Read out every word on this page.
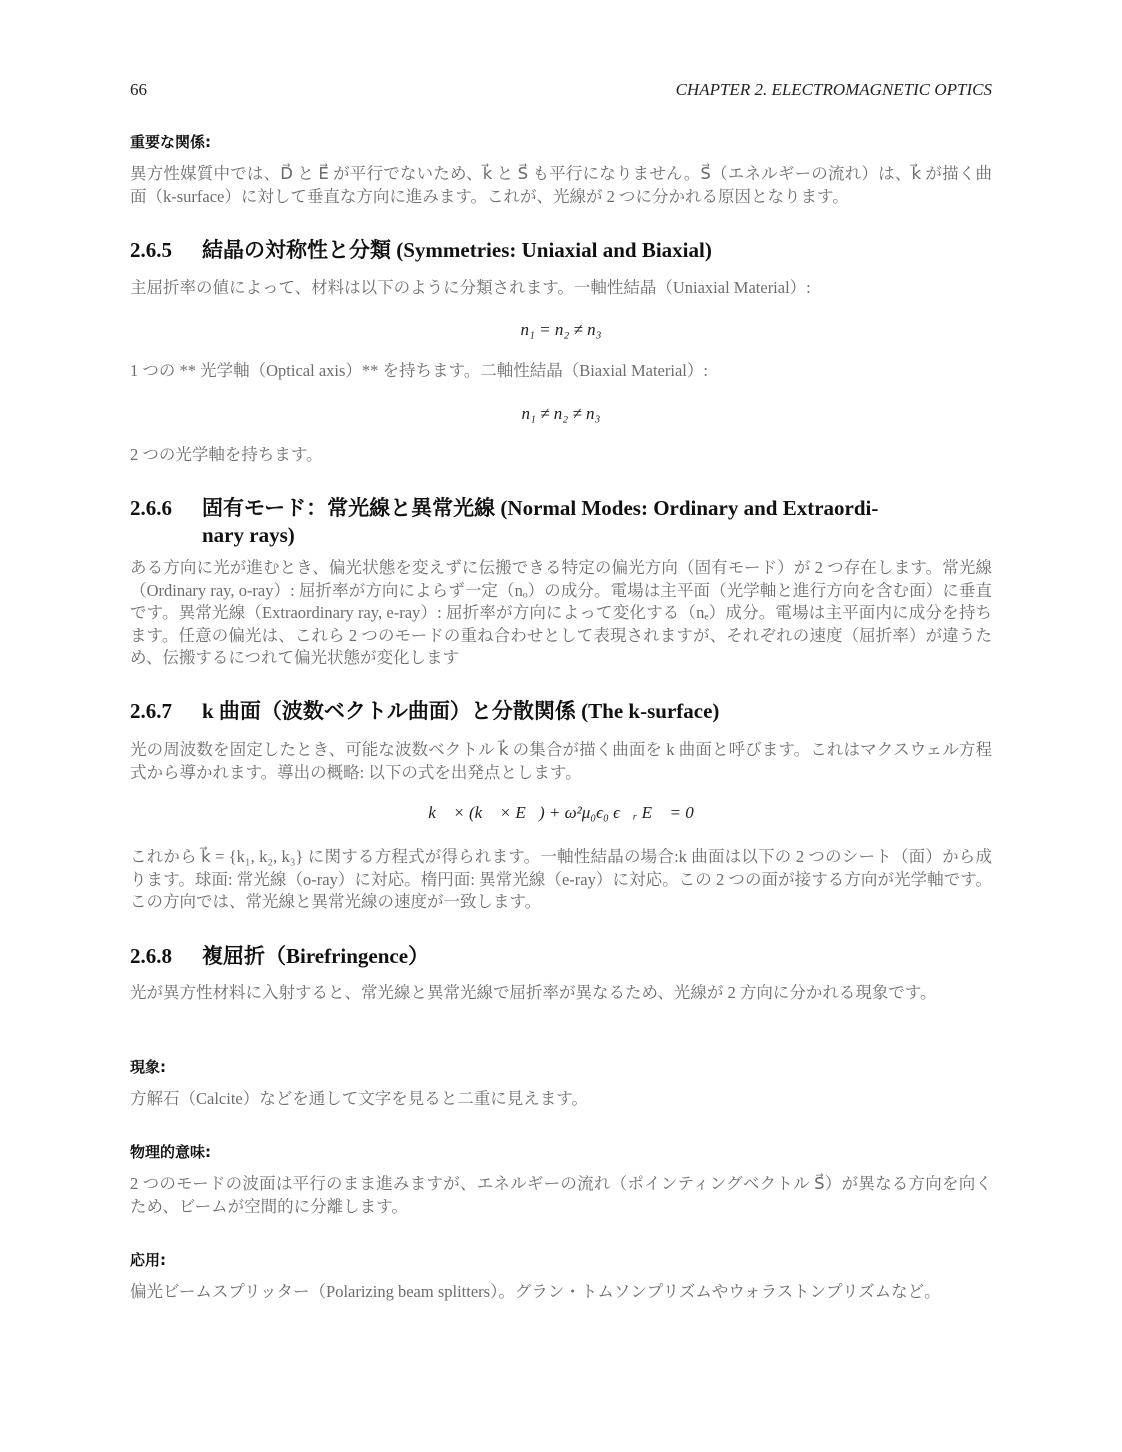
66	CHAPTER 2. ELECTROMAGNETIC OPTICS
重要な関係:
異方性媒質中では、D⃗ と E⃗ が平行でないため、k⃗ と S⃗ も平行になりません。S⃗（エネルギーの流れ）は、k⃗ が描く曲面（k-surface）に対して垂直な方向に進みます。これが、光線が 2 つに分かれる原因となります。
2.6.5 結晶の対称性と分類 (Symmetries: Uniaxial and Biaxial)
主屈折率の値によって、材料は以下のように分類されます。一軸性結晶（Uniaxial Material）:
n₁ = n₂ ≠ n₃
1 つの ** 光学軸（Optical axis）** を持ちます。二軸性結晶（Biaxial Material）:
n₁ ≠ n₂ ≠ n₃
2 つの光学軸を持ちます。
2.6.6 固有モード：常光線と異常光線 (Normal Modes: Ordinary and Extraordi-
nary rays)
ある方向に光が進むとき、偏光状態を変えずに伝搬できる特定の偏光方向（固有モード）が 2 つ存在します。常光線（Ordinary ray, o-ray）: 屈折率が方向によらず一定（nₒ）の成分。電場は主平面（光学軸と進行方向を含む面）に垂直です。異常光線（Extraordinary ray, e-ray）: 屈折率が方向によって変化する（nₑ）成分。電場は主平面内に成分を持ちます。任意の偏光は、これら 2 つのモードの重ね合わせとして表現されますが、それぞれの速度（屈折率）が違うため、伝搬するにつれて偏光状態が変化します
2.6.7 k 曲面（波数ベクトル曲面）と分散関係 (The k-surface)
光の周波数を固定したとき、可能な波数ベクトル k⃗ の集合が描く曲面を k 曲面と呼びます。これはマクスウェル方程式から導かれます。導出の概略: 以下の式を出発点とします。
k⃗ × (k⃗ × E⃗) + ω²μ₀ϵ₀ ϵ⃡ᵣ E⃗ = 0
これから k⃗ = {k₁, k₂, k₃} に関する方程式が得られます。一軸性結晶の場合:k 曲面は以下の 2 つのシート（面）から成ります。球面: 常光線（o-ray）に対応。楕円面: 異常光線（e-ray）に対応。この 2 つの面が接する方向が光学軸です。この方向では、常光線と異常光線の速度が一致します。
2.6.8 複屈折（Birefringence）
光が異方性材料に入射すると、常光線と異常光線で屈折率が異なるため、光線が 2 方向に分かれる現象です。
現象:
方解石（Calcite）などを通して文字を見ると二重に見えます。
物理的意味:
2 つのモードの波面は平行のまま進みますが、エネルギーの流れ（ポインティングベクトル S⃗）が異なる方向を向くため、ビームが空間的に分離します。
応用:
偏光ビームスプリッター（Polarizing beam splitters）。グラン・トムソンプリズムやウォラストンプリズムなど。
